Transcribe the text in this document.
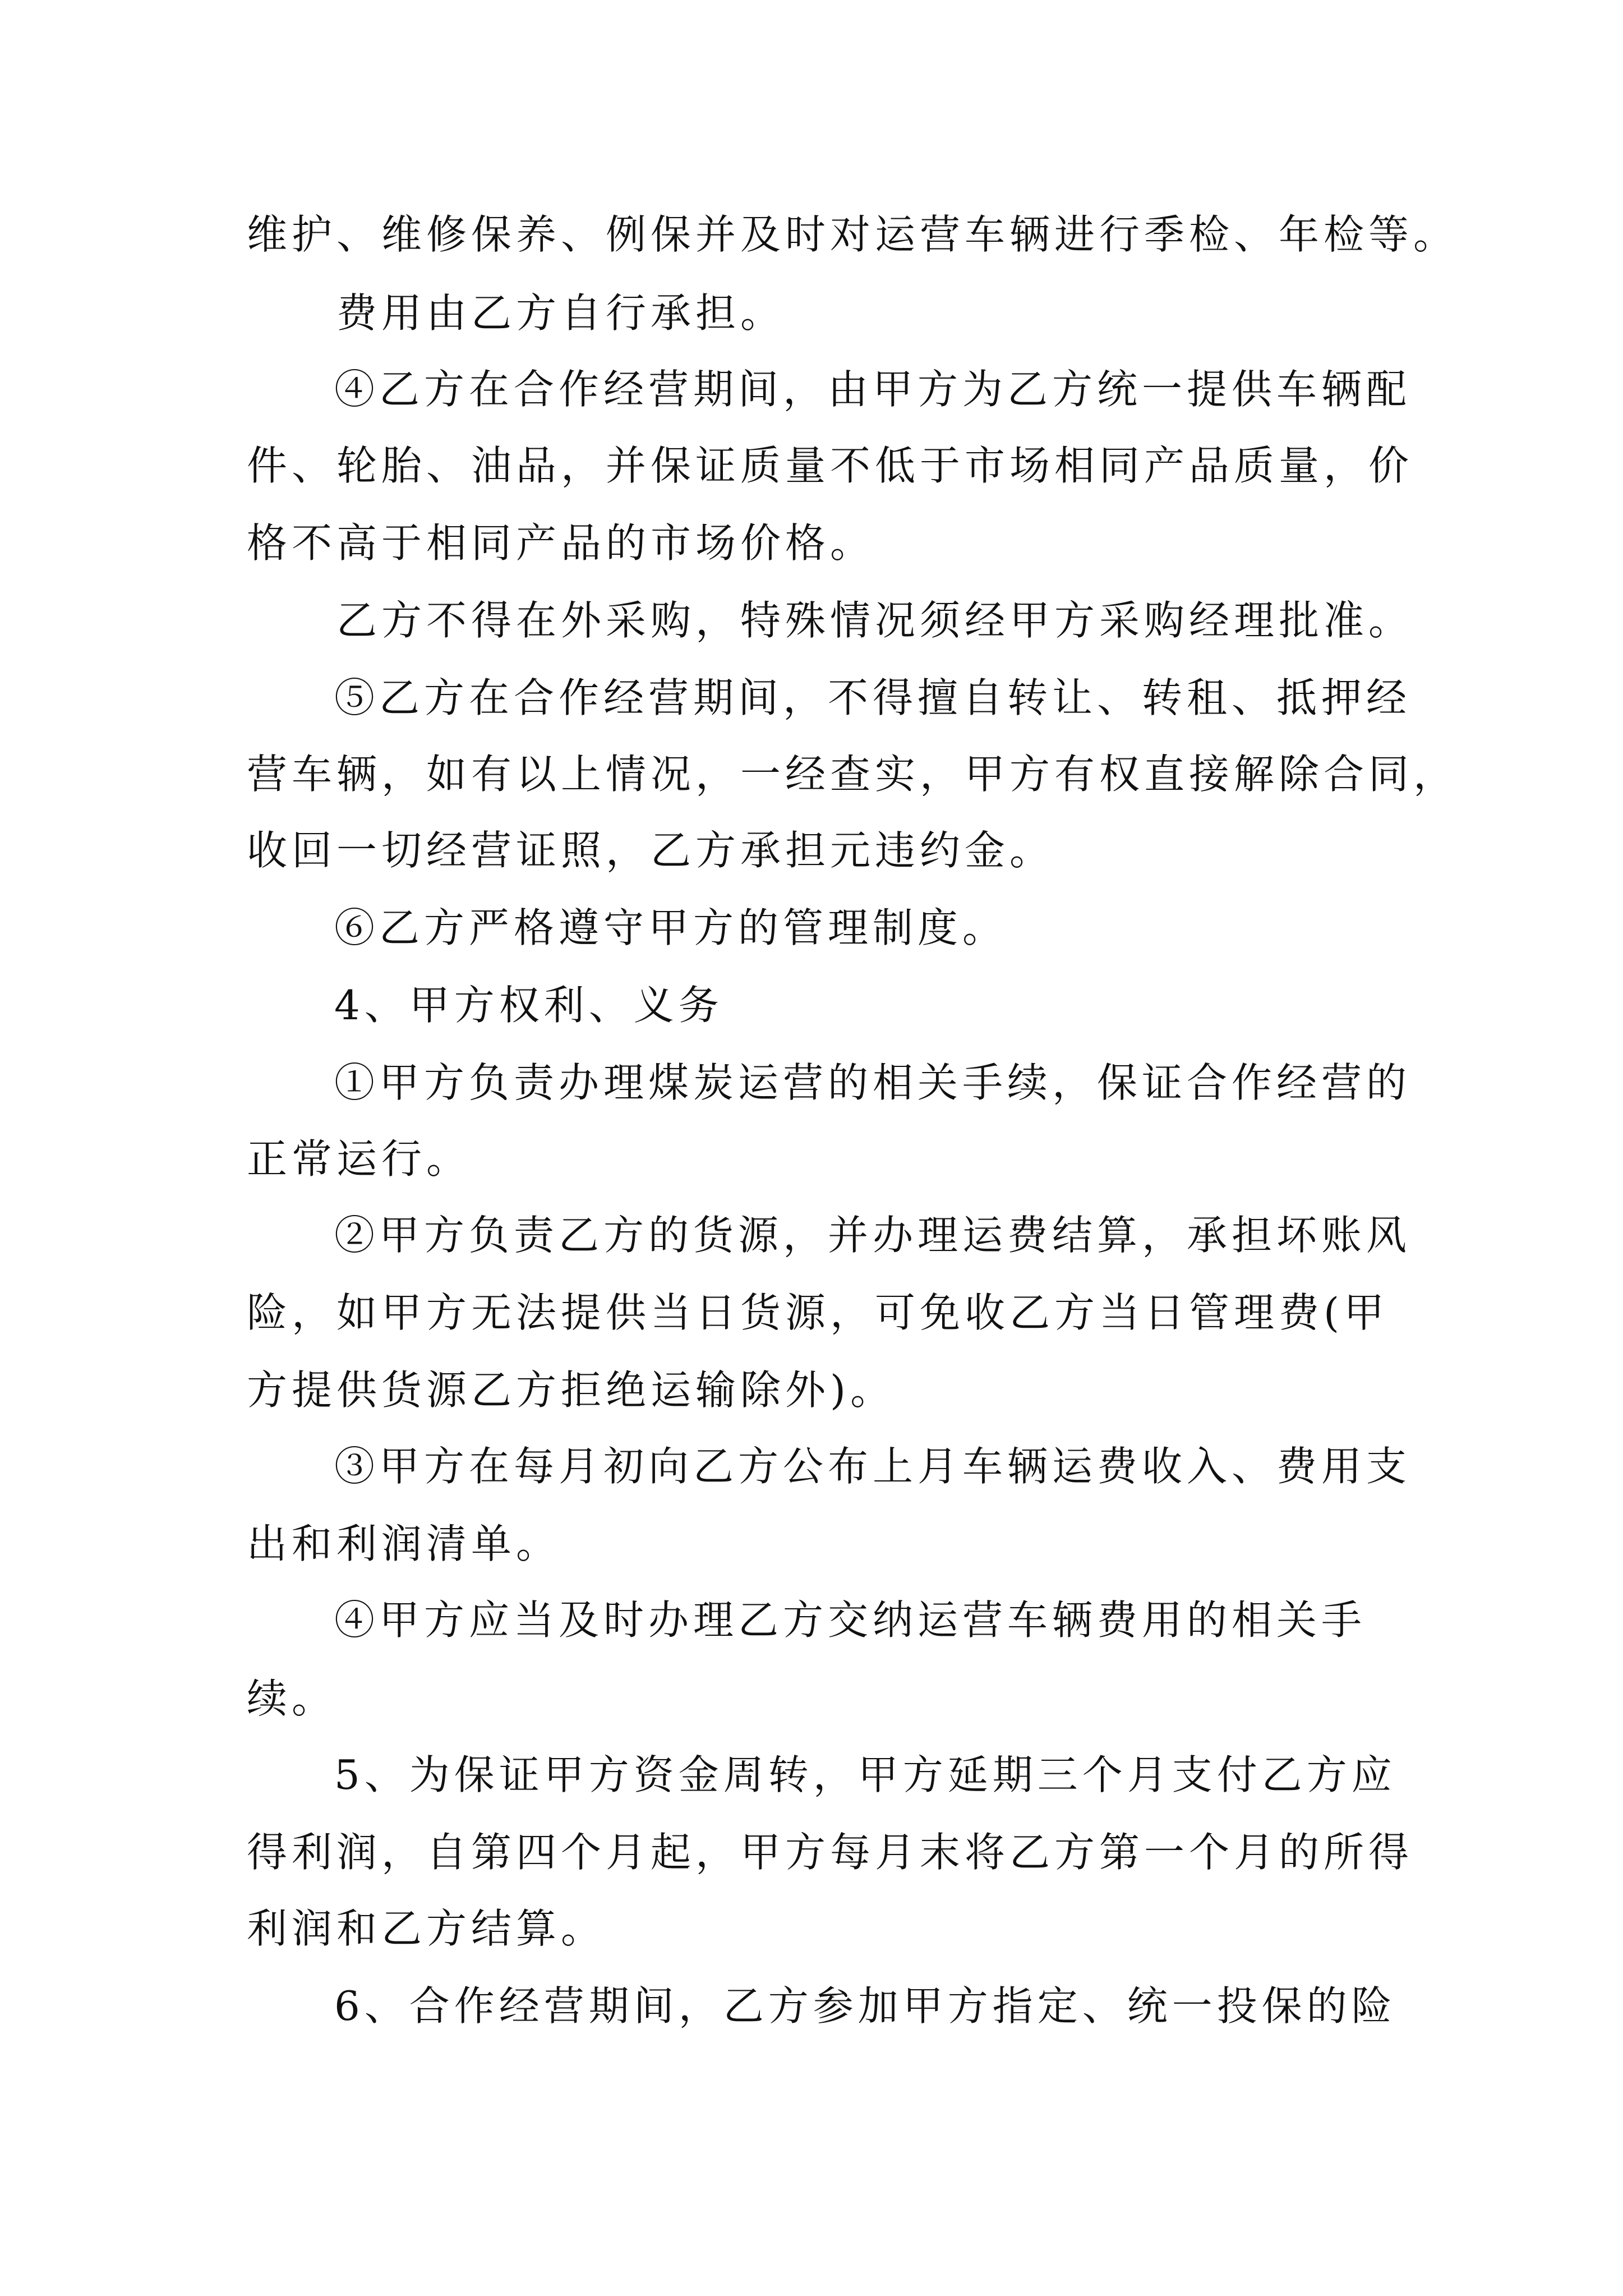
维护、维修保养、例保并及时对运营车辆进行季检、年检等。
费用由乙方自行承担。
④乙方在合作经营期间，由甲方为乙方统一提供车辆配
件、轮胎、油品，并保证质量不低于市场相同产品质量，价
格不高于相同产品的市场价格。
乙方不得在外采购，特殊情况须经甲方采购经理批准。
⑤乙方在合作经营期间，不得擅自转让、转租、抵押经
营车辆，如有以上情况，一经查实，甲方有权直接解除合同，
收回一切经营证照，乙方承担元违约金。
⑥乙方严格遵守甲方的管理制度。
4、甲方权利、义务
①甲方负责办理煤炭运营的相关手续，保证合作经营的
正常运行。
②甲方负责乙方的货源，并办理运费结算，承担坏账风
险，如甲方无法提供当日货源，可免收乙方当日管理费(甲
方提供货源乙方拒绝运输除外)。
③甲方在每月初向乙方公布上月车辆运费收入、费用支
出和利润清单。
④甲方应当及时办理乙方交纳运营车辆费用的相关手
续。
5、为保证甲方资金周转，甲方延期三个月支付乙方应
得利润，自第四个月起，甲方每月末将乙方第一个月的所得
利润和乙方结算。
6、合作经营期间，乙方参加甲方指定、统一投保的险
